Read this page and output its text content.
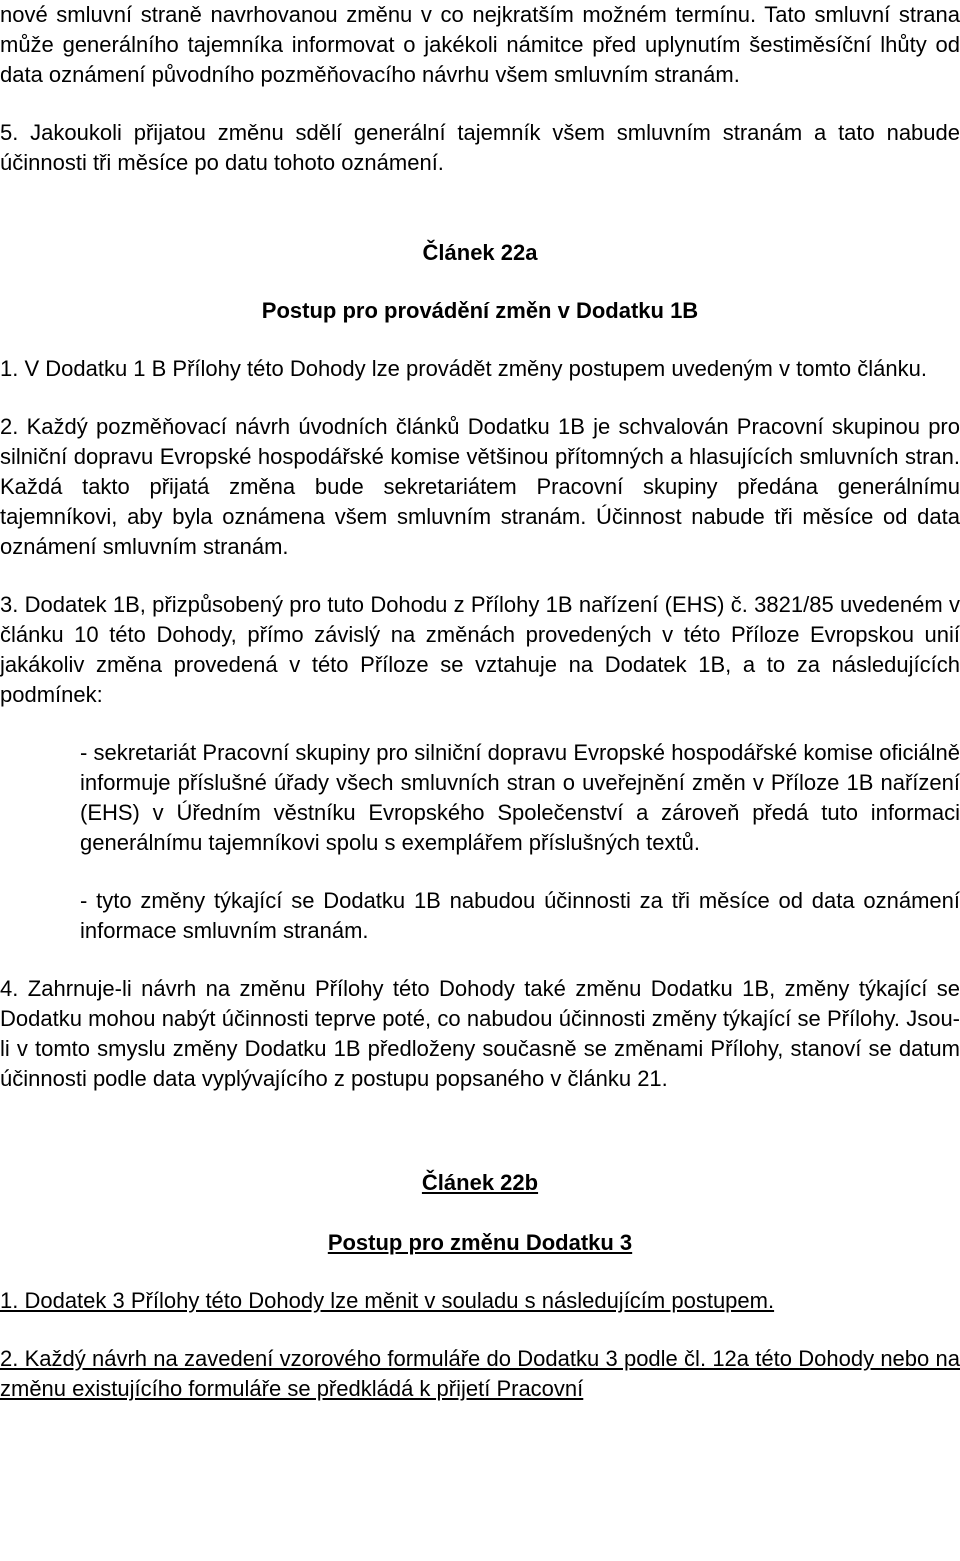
nové smluvní straně navrhovanou změnu v co nejkratším možném termínu. Tato smluvní strana může generálního tajemníka informovat o jakékoli námitce před uplynutím šestiměsíční lhůty od data oznámení původního pozměňovacího návrhu všem smluvním stranám.

5. Jakoukoli přijatou změnu sdělí generální tajemník všem smluvním stranám a tato nabude účinnosti tři měsíce po datu tohoto oznámení.

Článek 22a

Postup pro provádění změn v Dodatku 1B

1. V Dodatku 1 B Přílohy této Dohody lze provádět změny postupem uvedeným v tomto článku.

2. Každý pozměňovací návrh úvodních článků Dodatku 1B je schvalován Pracovní skupinou pro silniční dopravu Evropské hospodářské komise většinou přítomných a hlasujících smluvních stran. Každá takto přijatá změna bude sekretariátem Pracovní skupiny předána generálnímu tajemníkovi, aby byla oznámena všem smluvním stranám. Účinnost nabude tři měsíce od data oznámení smluvním stranám.

3. Dodatek 1B, přizpůsobený pro tuto Dohodu z Přílohy 1B nařízení (EHS) č. 3821/85 uvedeném v článku 10 této Dohody, přímo závislý na změnách provedených v této Příloze Evropskou unií jakákoliv změna provedená v této Příloze se vztahuje na Dodatek 1B, a to za následujících podmínek:

- sekretariát Pracovní skupiny pro silniční dopravu Evropské hospodářské komise oficiálně informuje příslušné úřady všech smluvních stran o uveřejnění změn v Příloze 1B nařízení (EHS) v Úředním věstníku Evropského Společenství a zároveň předá tuto informaci generálnímu tajemníkovi spolu s exemplářem příslušných textů.

- tyto změny týkající se Dodatku 1B nabudou účinnosti za tři měsíce od data oznámení informace smluvním stranám.

4. Zahrnuje-li návrh na změnu Přílohy této Dohody také změnu Dodatku 1B, změny týkající se Dodatku mohou nabýt účinnosti teprve poté, co nabudou účinnosti změny týkající se Přílohy. Jsou-li v tomto smyslu změny Dodatku 1B předloženy současně se změnami Přílohy, stanoví se datum účinnosti podle data vyplývajícího z postupu popsaného v článku 21.

Článek 22b

Postup pro změnu Dodatku 3

1. Dodatek 3 Přílohy této Dohody lze měnit v souladu s následujícím postupem.

2. Každý návrh na zavedení vzorového formuláře do Dodatku 3 podle čl. 12a této Dohody nebo na změnu existujícího formuláře se předkládá k přijetí Pracovní
